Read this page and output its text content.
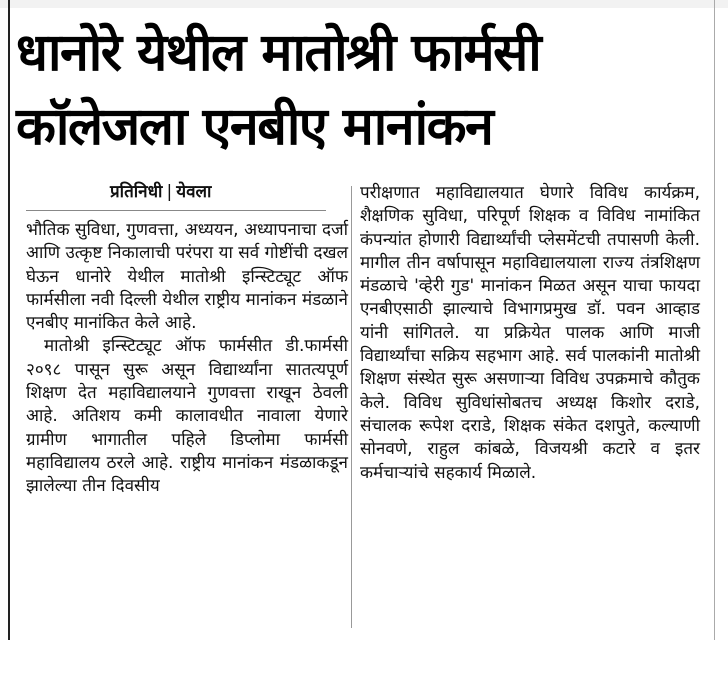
धानोरे येथील मातोश्री फार्मसी
कॉलेजला एनबीए मानांकन
प्रतिनिधी | येवला

भौतिक सुविधा, गुणवत्ता, अध्ययन, अध्यापनाचा दर्जा आणि उत्कृष्ट निकालाची परंपरा या सर्व गोष्टींची दखल घेऊन धानोरे येथील मातोश्री इन्स्टिट्यूट ऑफ फार्मसीला नवी दिल्ली येथील राष्ट्रीय मानांकन मंडळाने एनबीए मानांकित केले आहे.

मातोश्री इन्स्टिट्यूट ऑफ फार्मसीत डी.फार्मसी २०९८ पासून सुरू असून विद्यार्थ्यांना सातत्यपूर्ण शिक्षण देत महाविद्यालयाने गुणवत्ता राखून ठेवली आहे. अतिशय कमी कालावधीत नावाला येणारे ग्रामीण भागातील पहिले डिप्लोमा फार्मसी महाविद्यालय ठरले आहे. राष्ट्रीय मानांकन मंडळाकडून झालेल्या तीन दिवसीय

परीक्षणात महाविद्यालयात घेणारे विविध कार्यक्रम, शैक्षणिक सुविधा, परिपूर्ण शिक्षक व विविध नामांकित कंपन्यांत होणारी विद्यार्थ्यांची प्लेसमेंटची तपासणी केली. मागील तीन वर्षापासून महाविद्यालयाला राज्य तंत्रशिक्षण मंडळाचे 'व्हेरी गुड' मानांकन मिळत असून याचा फायदा एनबीएसाठी झाल्याचे विभागप्रमुख डॉ. पवन आव्हाड यांनी सांगितले. या प्रक्रियेत पालक आणि माजी विद्यार्थ्यांचा सक्रिय सहभाग आहे. सर्व पालकांनी मातोश्री शिक्षण संस्थेत सुरू असणाऱ्या विविध उपक्रमाचे कौतुक केले. विविध सुविधांसोबतच अध्यक्ष किशोर दराडे, संचालक रूपेश दराडे, शिक्षक संकेत दशपुते, कल्याणी सोनवणे, राहुल कांबळे, विजयश्री कटारे व इतर कर्मचाऱ्यांचे सहकार्य मिळाले.
